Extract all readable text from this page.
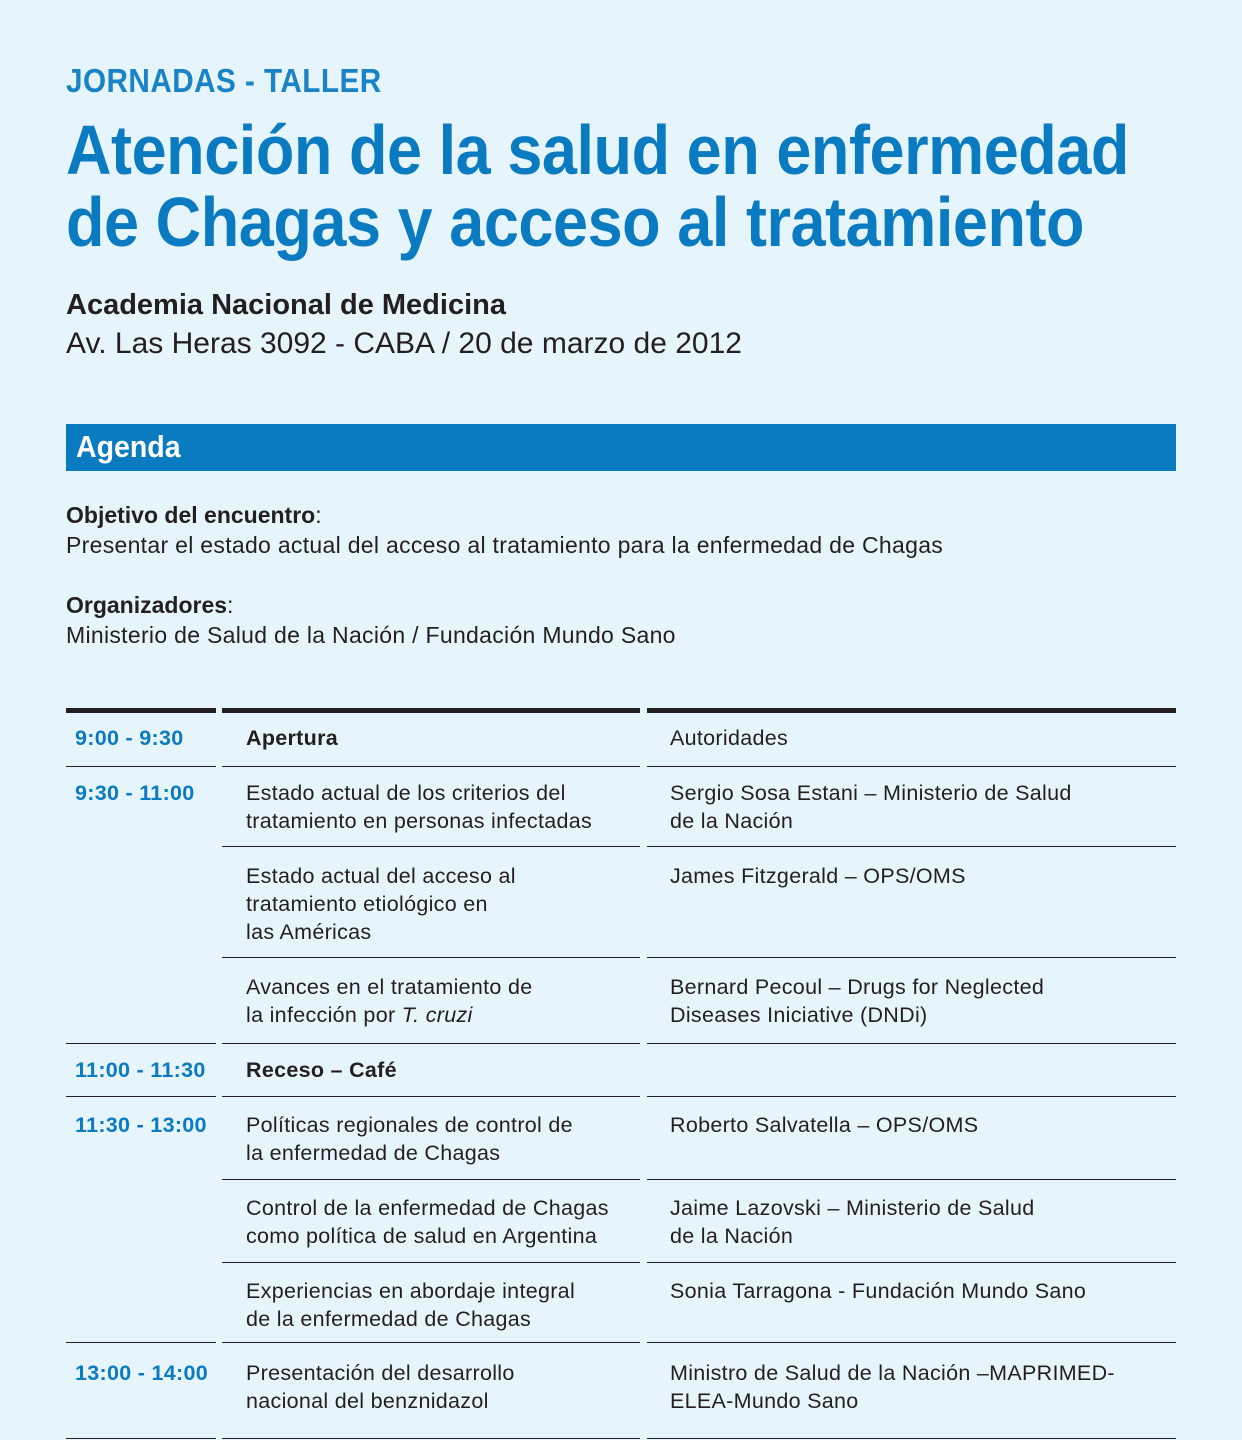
JORNADAS - TALLER
Atención de la salud en enfermedad
de Chagas y acceso al tratamiento
Academia Nacional de Medicina
Av. Las Heras 3092 - CABA / 20 de marzo de 2012
Agenda
Objetivo del encuentro:
Presentar el estado actual del acceso al tratamiento para la enfermedad de Chagas
Organizadores:
Ministerio de Salud de la Nación / Fundación Mundo Sano
9:00 - 9:30
9:30 - 11:00
11:00 - 11:30
11:30 - 13:00
13:00 - 14:00
Apertura	Autoridades
Estado actual de los criterios del
tratamiento en personas infectadas
Sergio Sosa Estani – Ministerio de Salud
de la Nación
Estado actual del acceso al
tratamiento etiológico en
las Américas
James Fitzgerald – OPS/OMS
Avances en el tratamiento de
la infección por T. cruzi
Bernard Pecoul – Drugs for Neglected
Diseases Iniciative (DNDi)
Receso – Café
Políticas regionales de control de
la enfermedad de Chagas
Roberto Salvatella – OPS/OMS
Control de la enfermedad de Chagas
como política de salud en Argentina
Jaime Lazovski – Ministerio de Salud
de la Nación
Experiencias en abordaje integral
de la enfermedad de Chagas
Sonia Tarragona - Fundación Mundo Sano
Presentación del desarrollo
nacional del benznidazol
Ministro de Salud de la Nación –MAPRIMED-
ELEA-Mundo Sano
